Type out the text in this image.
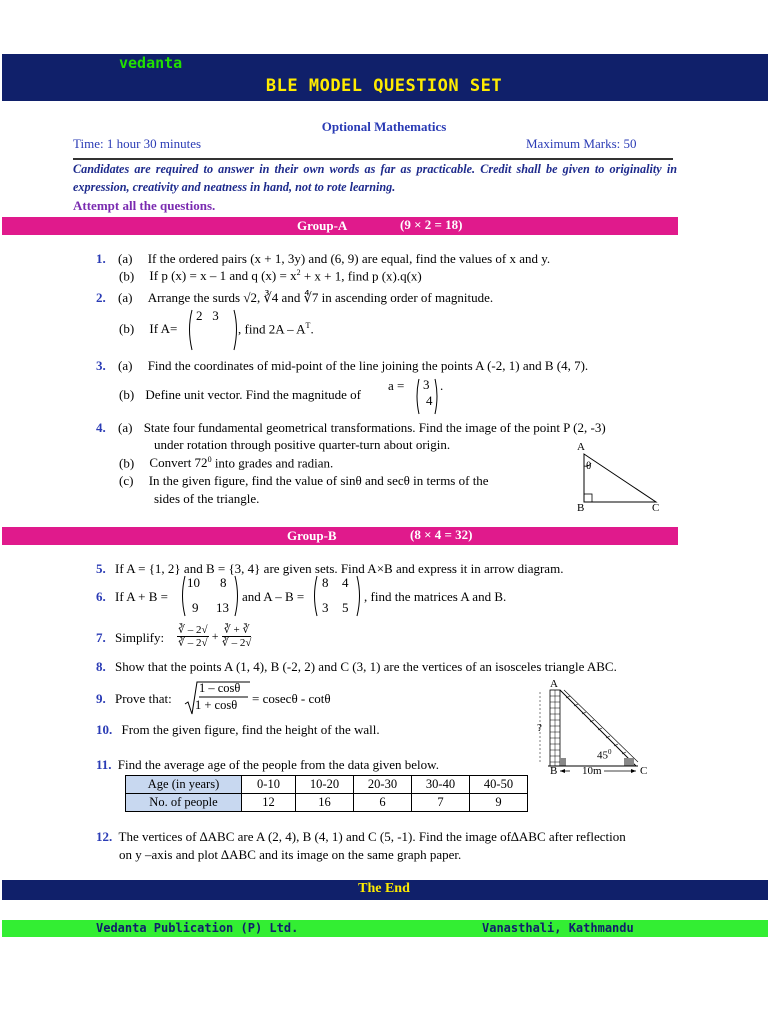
vedanta
BLE MODEL QUESTION SET
Optional Mathematics
Time: 1 hour 30 minutes	Maximum Marks: 50
Candidates are required to answer in their own words as far as practicable. Credit shall be given to originality in expression, creativity and neatness in hand, not to rote learning.
Attempt all the questions.
Group-A	(9 × 2 = 18)
1. (a) If the ordered pairs (x + 1, 3y) and (6, 9) are equal, find the values of x and y.
(b) If p (x) = x – 1 and q $(x) = x^2 + x + 1$, find p (x).q(x)
2. (a) Arrange the surds √2, ∛4 and ∜7 in ascending order of magnitude.
(b) If A=
2   3
, find $2A - A^T$.
3. (a) Find the coordinates of mid-point of the line joining the points A (-2, 1) and B (4, 7).
(b) Define unit vector. Find the magnitude of
a = 3
4
.
4. (a) State four fundamental geometrical transformations. Find the image of the point P (2, -3)
under rotation through positive quarter-turn about origin.
(b) Convert $72^0$ into grades and radian.
(c) In the given figure, find the value of sinθ and secθ in terms of the
sides of the triangle.
A
θ
B	C
Group-B	(8 × 4 = 32)
5. If A = {1, 2} and B = {3, 4} are given sets. Find A×B and express it in arrow diagram.
6. If A + B =
10 8
9 13
and A – B =
8 4
3 5
, find the matrices A and B.
7. Simplify: $\frac{∛ - 2√}{∛ - 2√} + \frac{∛ + ∛}{∛ - 2√}$
8. Show that the points A (1, 4), B (-2, 2) and C (3, 1) are the vertices of an isosceles triangle ABC.
9. Prove that:
1 – cosθ
1 + cosθ = cosecθ - cotθ
10. From the given figure, find the height of the wall.
A
?
$45^0$
B 10m	C
11. Find the average age of the people from the data given below.
Age (in years)	0-10	10-20	20-30	30-40	40-50
No. of people	12	16	6	7	9
12. The vertices of ∆ABC are A (2, 4), B (4, 1) and C (5, -1). Find the image of∆ABC after reflection
on y –axis and plot ∆ABC and its image on the same graph paper.
The End
Vedanta Publication (P) Ltd.	Vanasthali, Kathmandu
